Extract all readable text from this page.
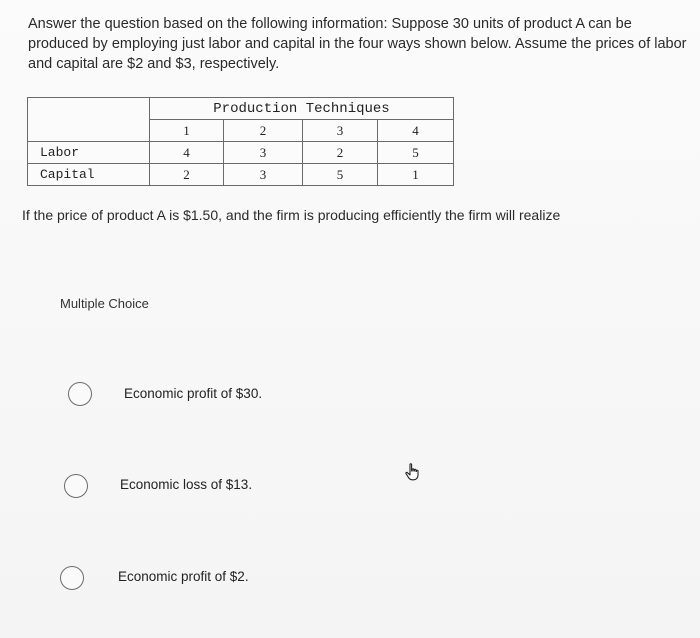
Answer the question based on the following information: Suppose 30 units of product A can be produced by employing just labor and capital in the four ways shown below. Assume the prices of labor and capital are $2 and $3, respectively.
	Production Techniques			
	1	2	3	4
Labor	4	3	2	5
Capital	2	3	5	1
If the price of product A is $1.50, and the firm is producing efficiently the firm will realize
Multiple Choice
Economic profit of $30.
Economic loss of $13.
Economic profit of $2.
